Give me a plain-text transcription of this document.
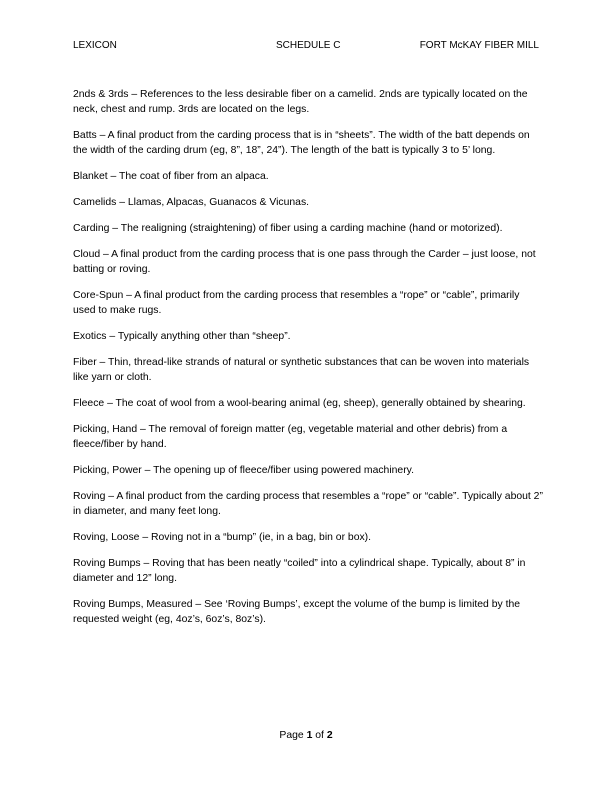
LEXICON	SCHEDULE C	FORT McKAY FIBER MILL

2nds & 3rds – References to the less desirable fiber on a camelid. 2nds are typically located on the neck, chest and rump. 3rds are located on the legs.

Batts – A final product from the carding process that is in “sheets”. The width of the batt depends on the width of the carding drum (eg, 8”, 18”, 24”). The length of the batt is typically 3 to 5’ long.

Blanket – The coat of fiber from an alpaca.

Camelids – Llamas, Alpacas, Guanacos & Vicunas.

Carding – The realigning (straightening) of fiber using a carding machine (hand or motorized).

Cloud – A final product from the carding process that is one pass through the Carder – just loose, not batting or roving.

Core-Spun – A final product from the carding process that resembles a “rope” or “cable”, primarily used to make rugs.

Exotics – Typically anything other than “sheep”.

Fiber – Thin, thread-like strands of natural or synthetic substances that can be woven into materials like yarn or cloth.

Fleece – The coat of wool from a wool-bearing animal (eg, sheep), generally obtained by shearing.

Picking, Hand – The removal of foreign matter (eg, vegetable material and other debris) from a fleece/fiber by hand.

Picking, Power – The opening up of fleece/fiber using powered machinery.

Roving – A final product from the carding process that resembles a “rope” or “cable”. Typically about 2” in diameter, and many feet long.

Roving, Loose – Roving not in a “bump” (ie, in a bag, bin or box).

Roving Bumps – Roving that has been neatly “coiled” into a cylindrical shape. Typically, about 8” in diameter and 12” long.

Roving Bumps, Measured – See ‘Roving Bumps’, except the volume of the bump is limited by the requested weight (eg, 4oz’s, 6oz’s, 8oz’s).

Page 1 of 2
